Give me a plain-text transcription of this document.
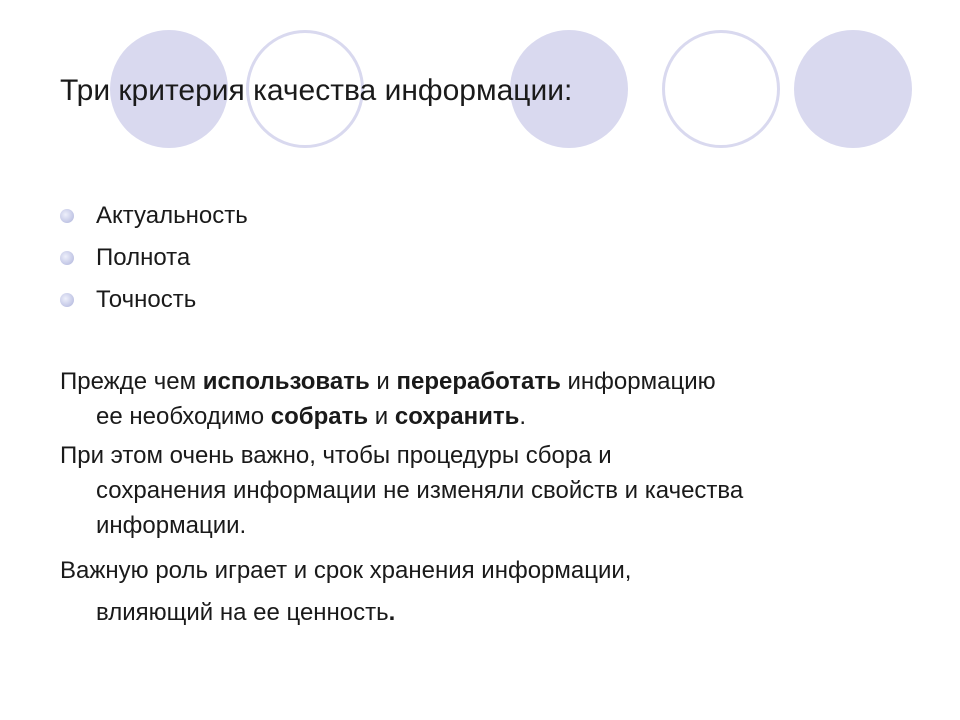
Три критерия качества информации:
Актуальность
Полнота
Точность

Прежде чем использовать и переработать информацию
ее необходимо собрать и сохранить.

При этом очень важно, чтобы процедуры сбора и
сохранения информации не изменяли свойств и качества
информации.

Важную роль играет и срок хранения информации,
влияющий на ее ценность.
